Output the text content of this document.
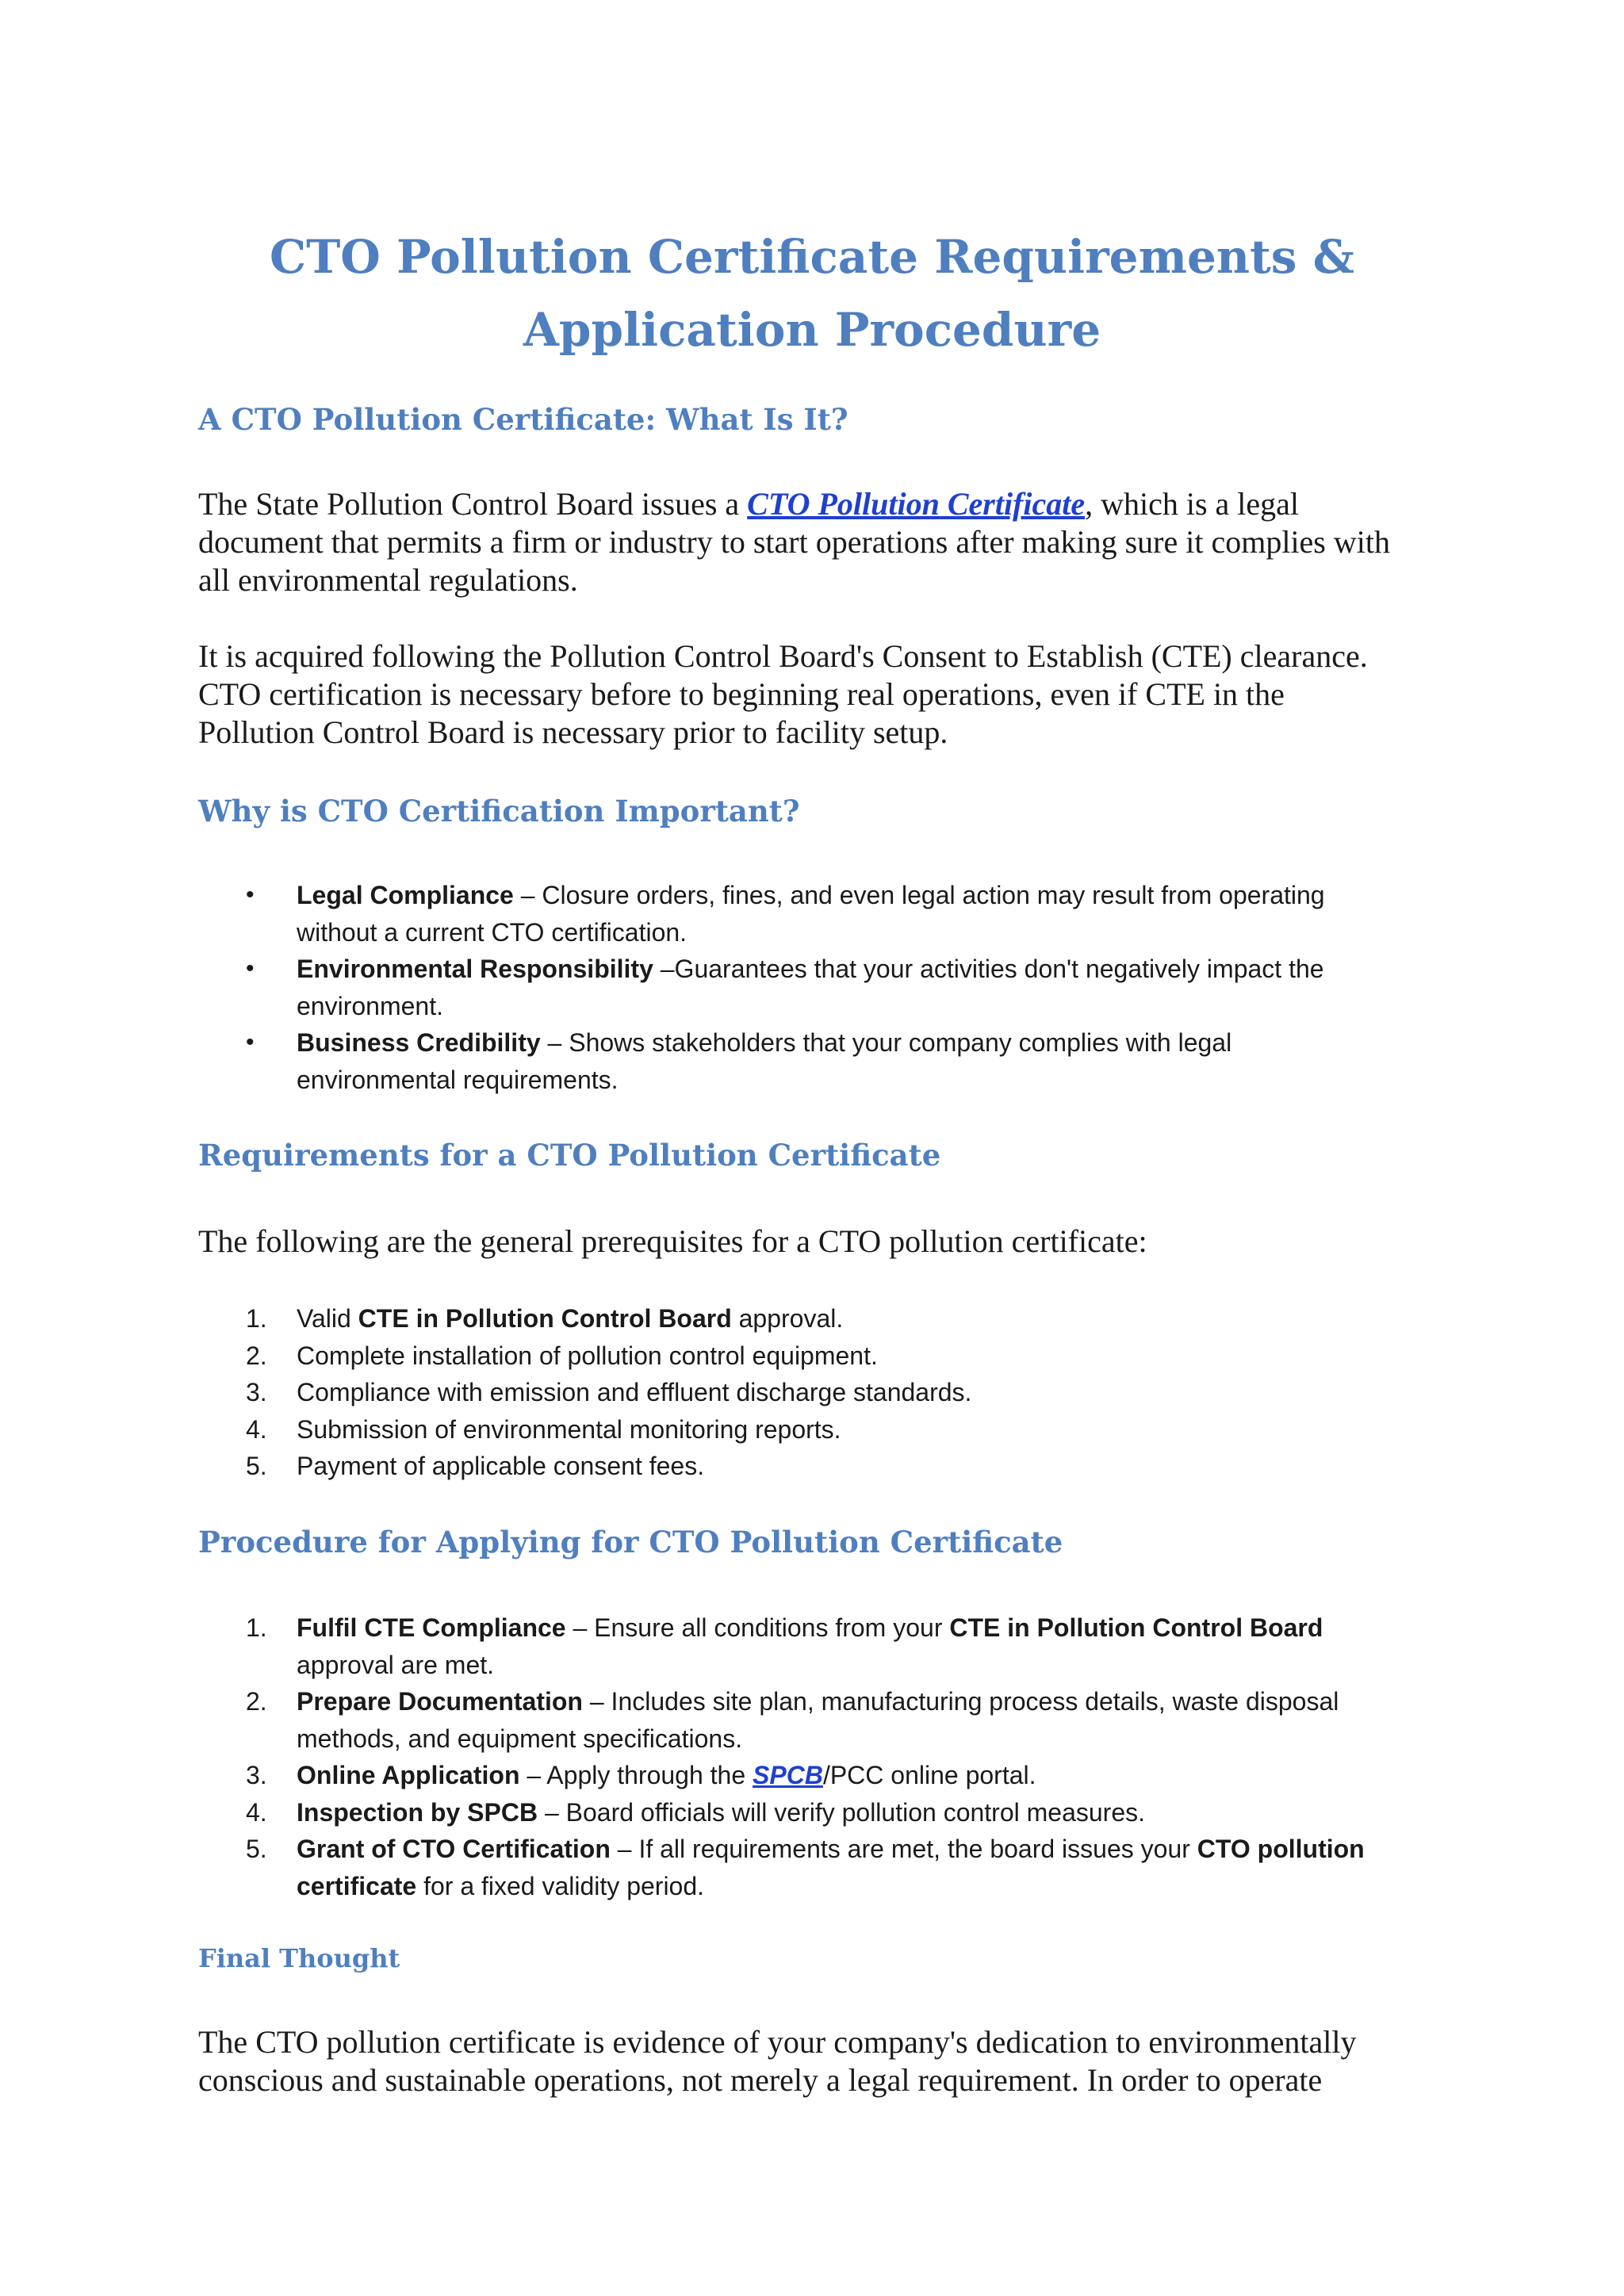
CTO Pollution Certificate Requirements &
Application Procedure
A CTO Pollution Certificate: What Is It?

The State Pollution Control Board issues a CTO Pollution Certificate, which is a legal
document that permits a firm or industry to start operations after making sure it complies with
all environmental regulations.

It is acquired following the Pollution Control Board's Consent to Establish (CTE) clearance.
CTO certification is necessary before to beginning real operations, even if CTE in the
Pollution Control Board is necessary prior to facility setup.

Why is CTO Certification Important?
• Legal Compliance – Closure orders, fines, and even legal action may result from operating
without a current CTO certification.
• Environmental Responsibility –Guarantees that your activities don't negatively impact the
environment.
• Business Credibility – Shows stakeholders that your company complies with legal
environmental requirements.
Requirements for a CTO Pollution Certificate

The following are the general prerequisites for a CTO pollution certificate:

1.	Valid CTE in Pollution Control Board approval.
2.	Complete installation of pollution control equipment.
3.	Compliance with emission and effluent discharge standards.
4.	Submission of environmental monitoring reports.
5.	Payment of applicable consent fees.
Procedure for Applying for CTO Pollution Certificate
1.	Fulfil CTE Compliance – Ensure all conditions from your CTE in Pollution Control Board
approval are met.
2.	Prepare Documentation – Includes site plan, manufacturing process details, waste disposal
methods, and equipment specifications.
3.	Online Application – Apply through the SPCB/PCC online portal.
4.	Inspection by SPCB – Board officials will verify pollution control measures.
5.	Grant of CTO Certification – If all requirements are met, the board issues your CTO pollution
certificate for a fixed validity period.
Final Thought

The CTO pollution certificate is evidence of your company's dedication to environmentally
conscious and sustainable operations, not merely a legal requirement. In order to operate
